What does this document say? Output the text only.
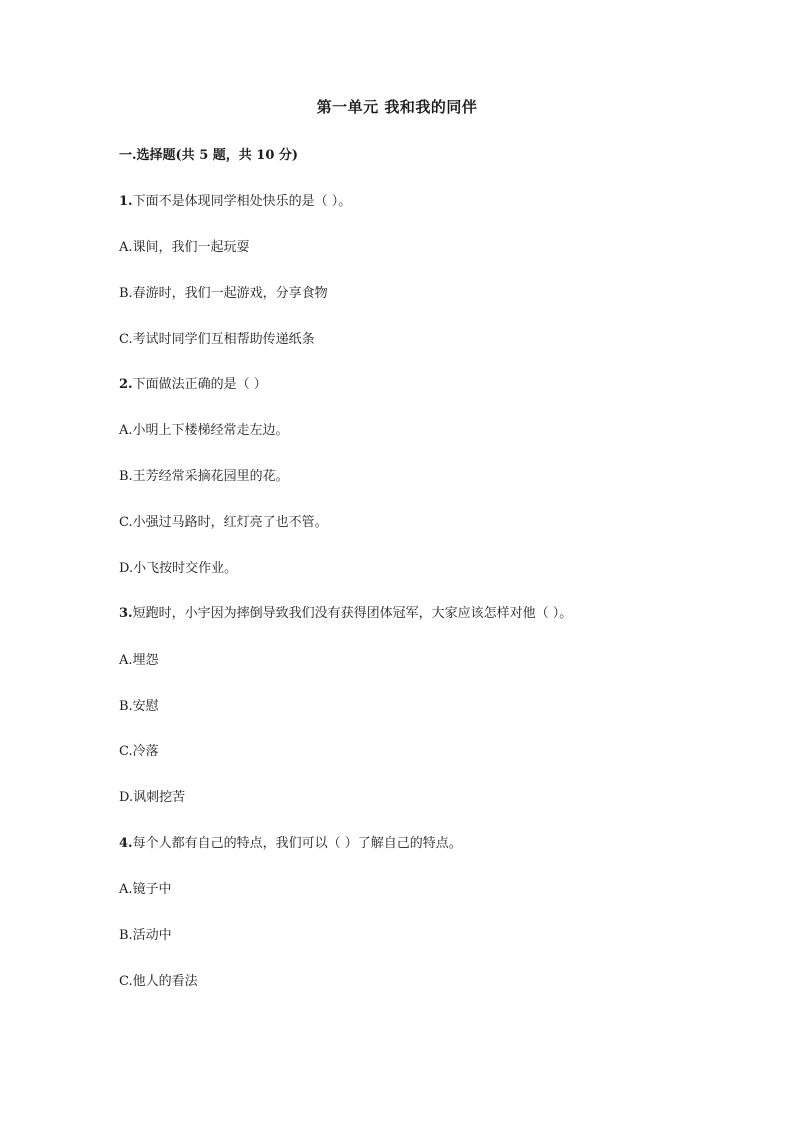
第一单元 我和我的同伴
一.选择题(共 5 题，共 10 分)
1.下面不是体现同学相处快乐的是（ ）。
A.课间，我们一起玩耍
B.春游时，我们一起游戏，分享食物
C.考试时同学们互相帮助传递纸条
2.下面做法正确的是（ ）
A.小明上下楼梯经常走左边。
B.王芳经常采摘花园里的花。
C.小强过马路时，红灯亮了也不管。
D.小飞按时交作业。
3.短跑时，小宇因为摔倒导致我们没有获得团体冠军，大家应该怎样对他（ ）。
A.埋怨
B.安慰
C.冷落
D.讽刺挖苦
4.每个人都有自己的特点，我们可以（ ）了解自己的特点。
A.镜子中
B.活动中
C.他人的看法
